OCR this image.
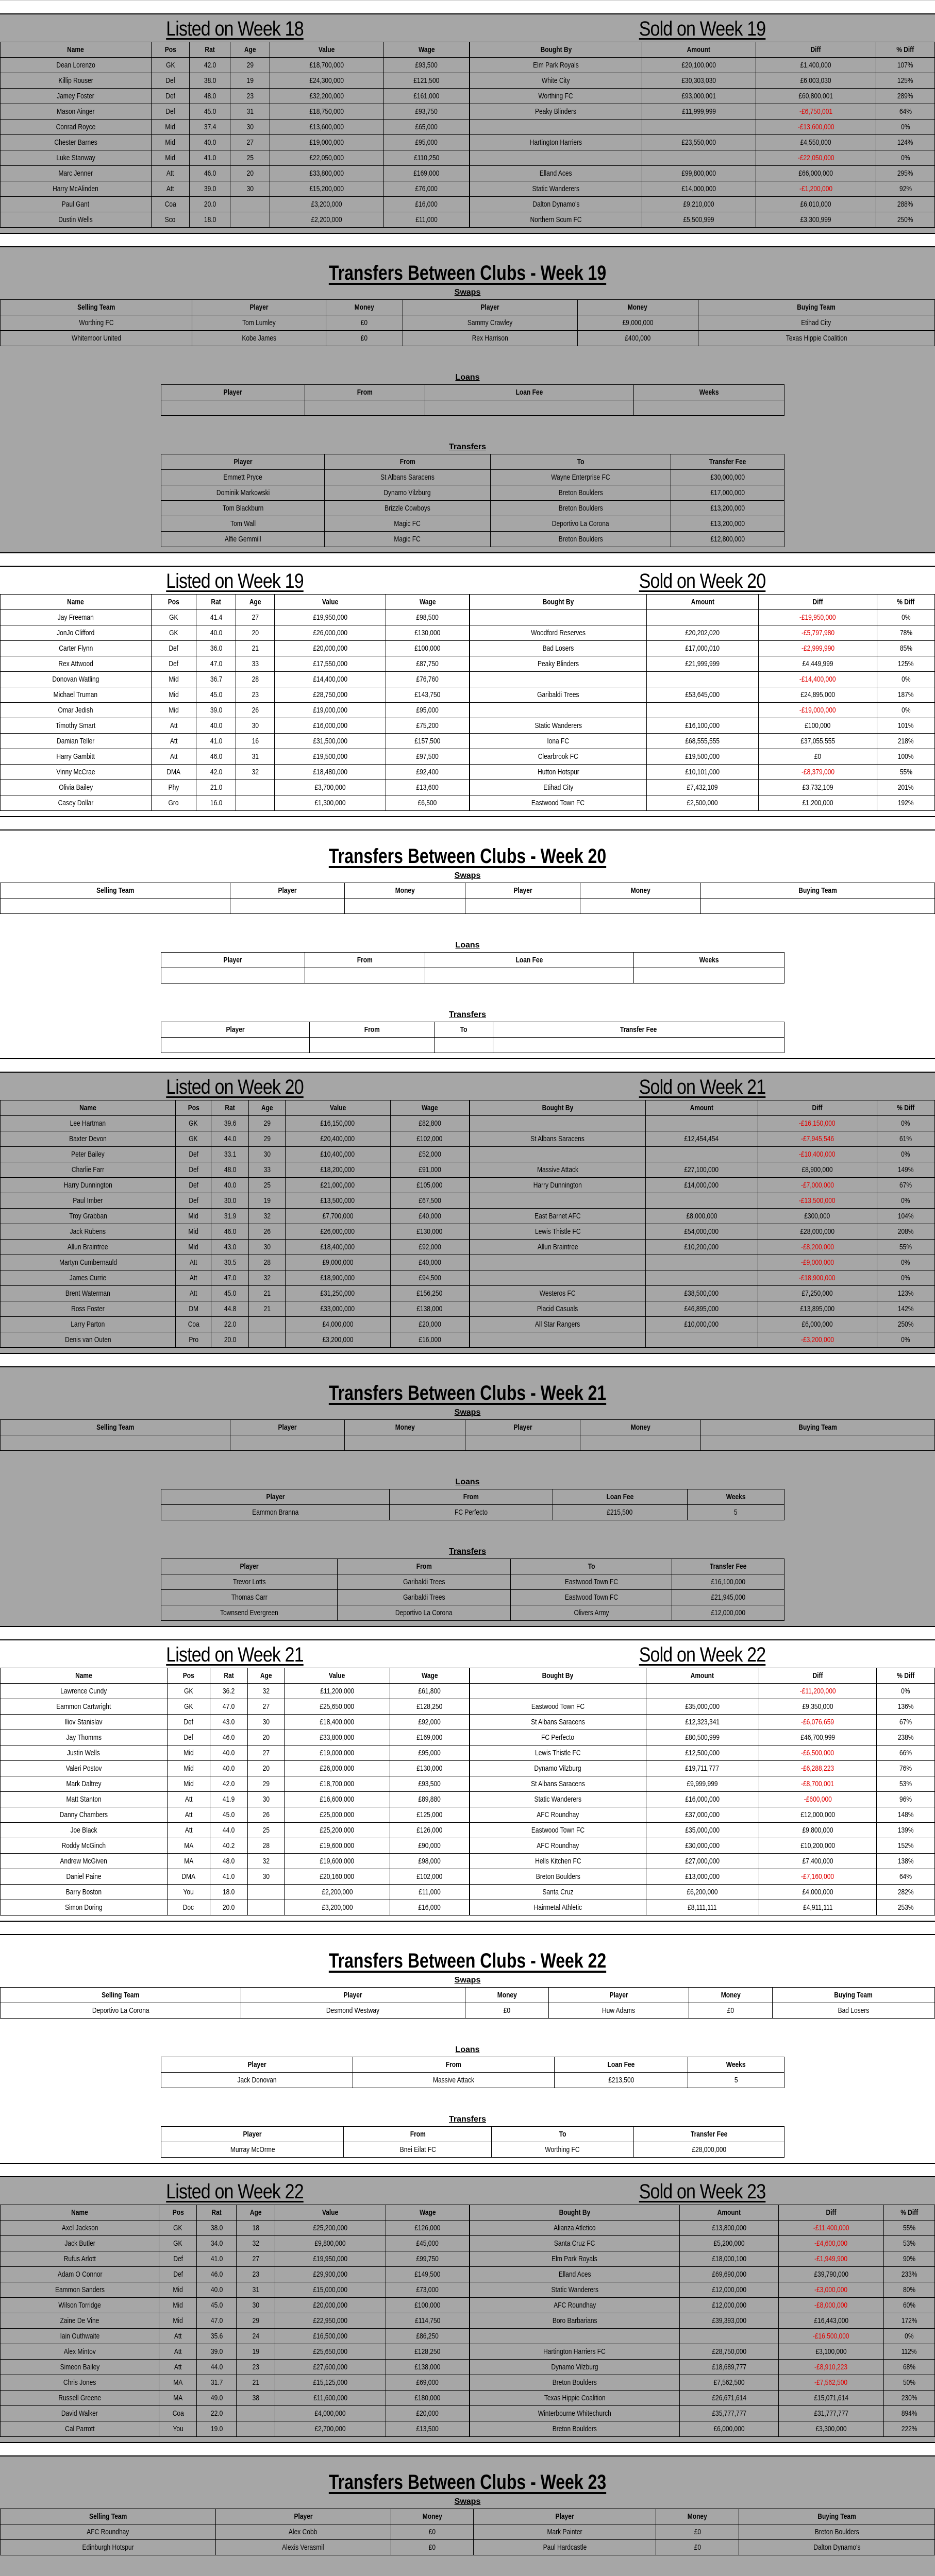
Listed on Week 18
Name	Pos	Rat	Age	Value	Wage
Dean Lorenzo	GK	42.0	29	£18,700,000	£93,500
Killip Rouser	Def	38.0	19	£24,300,000	£121,500
Jamey Foster	Def	48.0	23	£32,200,000	£161,000
Mason Ainger	Def	45.0	31	£18,750,000	£93,750
Conrad Royce	Mid	37.4	30	£13,600,000	£65,000
Chester Barnes	Mid	40.0	27	£19,000,000	£95,000
Luke Stanway	Mid	41.0	25	£22,050,000	£110,250
Marc Jenner	Att	46.0	20	£33,800,000	£169,000
Harry McAlinden	Att	39.0	30	£15,200,000	£76,000
Paul Gant	Coa	20.0		£3,200,000	£16,000
Dustin Wells	Sco	18.0		£2,200,000	£11,000
Sold on Week 19
Bought By	Amount	Diff	% Diff
Elm Park Royals	£20,100,000	£1,400,000	107%
White City	£30,303,030	£6,003,030	125%
Worthing FC	£93,000,001	£60,800,001	289%
Peaky Blinders	£11,999,999	-£6,750,001	64%
		-£13,600,000	0%
Hartington Harriers	£23,550,000	£4,550,000	124%
		-£22,050,000	0%
Elland Aces	£99,800,000	£66,000,000	295%
Static Wanderers	£14,000,000	-£1,200,000	92%
Dalton Dynamo's	£9,210,000	£6,010,000	288%
Northern Scum FC	£5,500,999	£3,300,999	250%
Transfers Between Clubs - Week 19
Swaps
Selling Team	Player	Money	Player	Money	Buying Team
Worthing FC	Tom Lumley	£0	Sammy Crawley	£9,000,000	Etihad City
Whitemoor United	Kobe James	£0	Rex Harrison	£400,000	Texas Hippie Coalition
Loans
Player	From	Loan Fee	Weeks

Transfers
Player	From	To	Transfer Fee
Emmett Pryce	St Albans Saracens	Wayne Enterprise FC	£30,000,000
Dominik Markowski	Dynamo Vilzburg	Breton Boulders	£17,000,000
Tom Blackburn	Brizzle Cowboys	Breton Boulders	£13,200,000
Tom Wall	Magic FC	Deportivo La Corona	£13,200,000
Alfie Gemmill	Magic FC	Breton Boulders	£12,800,000
Listed on Week 19
Name	Pos	Rat	Age	Value	Wage
Jay Freeman	GK	41.4	27	£19,950,000	£98,500
JonJo Clifford	GK	40.0	20	£26,000,000	£130,000
Carter Flynn	Def	36.0	21	£20,000,000	£100,000
Rex Attwood	Def	47.0	33	£17,550,000	£87,750
Donovan Watling	Mid	36.7	28	£14,400,000	£76,760
Michael Truman	Mid	45.0	23	£28,750,000	£143,750
Omar Jedish	Mid	39.0	26	£19,000,000	£95,000
Timothy Smart	Att	40.0	30	£16,000,000	£75,200
Damian Teller	Att	41.0	16	£31,500,000	£157,500
Harry Gambitt	Att	46.0	31	£19,500,000	£97,500
Vinny McCrae	DMA	42.0	32	£18,480,000	£92,400
Olivia Bailey	Phy	21.0		£3,700,000	£13,600
Casey Dollar	Gro	16.0		£1,300,000	£6,500
Sold on Week 20
Bought By	Amount	Diff	% Diff
		-£19,950,000	0%
Woodford Reserves	£20,202,020	-£5,797,980	78%
Bad Losers	£17,000,010	-£2,999,990	85%
Peaky Blinders	£21,999,999	£4,449,999	125%
		-£14,400,000	0%
Garibaldi Trees	£53,645,000	£24,895,000	187%
		-£19,000,000	0%
Static Wanderers	£16,100,000	£100,000	101%
Iona FC	£68,555,555	£37,055,555	218%
Clearbrook FC	£19,500,000	£0	100%
Hutton Hotspur	£10,101,000	-£8,379,000	55%
Etihad City	£7,432,109	£3,732,109	201%
Eastwood Town FC	£2,500,000	£1,200,000	192%
Transfers Between Clubs - Week 20
Swaps
Selling Team	Player	Money	Player	Money	Buying Team

Loans
Player	From	Loan Fee	Weeks

Transfers
Player	From	To	Transfer Fee

Listed on Week 20
Name	Pos	Rat	Age	Value	Wage
Lee Hartman	GK	39.6	29	£16,150,000	£82,800
Baxter Devon	GK	44.0	29	£20,400,000	£102,000
Peter Bailey	Def	33.1	30	£10,400,000	£52,000
Charlie Farr	Def	48.0	33	£18,200,000	£91,000
Harry Dunnington	Def	40.0	25	£21,000,000	£105,000
Paul Imber	Def	30.0	19	£13,500,000	£67,500
Troy Grabban	Mid	31.9	32	£7,700,000	£40,000
Jack Rubens	Mid	46.0	26	£26,000,000	£130,000
Allun Braintree	Mid	43.0	30	£18,400,000	£92,000
Martyn Cumbernauld	Att	30.5	28	£9,000,000	£40,000
James Currie	Att	47.0	32	£18,900,000	£94,500
Brent Waterman	Att	45.0	21	£31,250,000	£156,250
Ross Foster	DM	44.8	21	£33,000,000	£138,000
Larry Parton	Coa	22.0		£4,000,000	£20,000
Denis van Outen	Pro	20.0		£3,200,000	£16,000
Sold on Week 21
Bought By	Amount	Diff	% Diff
		-£16,150,000	0%
St Albans Saracens	£12,454,454	-£7,945,546	61%
		-£10,400,000	0%
Massive Attack	£27,100,000	£8,900,000	149%
Harry Dunnington	£14,000,000	-£7,000,000	67%
		-£13,500,000	0%
East Barnet AFC	£8,000,000	£300,000	104%
Lewis Thistle FC	£54,000,000	£28,000,000	208%
Allun Braintree	£10,200,000	-£8,200,000	55%
		-£9,000,000	0%
		-£18,900,000	0%
Westeros FC	£38,500,000	£7,250,000	123%
Placid Casuals	£46,895,000	£13,895,000	142%
All Star Rangers	£10,000,000	£6,000,000	250%
		-£3,200,000	0%
Transfers Between Clubs - Week 21
Swaps
Selling Team	Player	Money	Player	Money	Buying Team

Loans
Player	From	Loan Fee	Weeks
Eammon Branna	FC Perfecto	£215,500	5
Transfers
Player	From	To	Transfer Fee
Trevor Lotts	Garibaldi Trees	Eastwood Town FC	£16,100,000
Thomas Carr	Garibaldi Trees	Eastwood Town FC	£21,945,000
Townsend Evergreen	Deportivo La Corona	Olivers Army	£12,000,000
Listed on Week 21
Name	Pos	Rat	Age	Value	Wage
Lawrence Cundy	GK	36.2	32	£11,200,000	£61,800
Eammon Cartwright	GK	47.0	27	£25,650,000	£128,250
Iliov Stanislav	Def	43.0	30	£18,400,000	£92,000
Jay Thomms	Def	46.0	20	£33,800,000	£169,000
Justin Wells	Mid	40.0	27	£19,000,000	£95,000
Valeri Postov	Mid	40.0	20	£26,000,000	£130,000
Mark Daltrey	Mid	42.0	29	£18,700,000	£93,500
Matt Stanton	Att	41.9	30	£16,600,000	£89,880
Danny Chambers	Att	45.0	26	£25,000,000	£125,000
Joe Black	Att	44.0	25	£25,200,000	£126,000
Roddy McGinch	MA	40.2	28	£19,600,000	£90,000
Andrew McGiven	MA	48.0	32	£19,600,000	£98,000
Daniel Paine	DMA	41.0	30	£20,160,000	£102,000
Barry Boston	You	18.0		£2,200,000	£11,000
Simon Doring	Doc	20.0		£3,200,000	£16,000
Sold on Week 22
Bought By	Amount	Diff	% Diff
		-£11,200,000	0%
Eastwood Town FC	£35,000,000	£9,350,000	136%
St Albans Saracens	£12,323,341	-£6,076,659	67%
FC Perfecto	£80,500,999	£46,700,999	238%
Lewis Thistle FC	£12,500,000	-£6,500,000	66%
Dynamo Vilzburg	£19,711,777	-£6,288,223	76%
St Albans Saracens	£9,999,999	-£8,700,001	53%
Static Wanderers	£16,000,000	-£600,000	96%
AFC Roundhay	£37,000,000	£12,000,000	148%
Eastwood Town FC	£35,000,000	£9,800,000	139%
AFC Roundhay	£30,000,000	£10,200,000	152%
Hells Kitchen FC	£27,000,000	£7,400,000	138%
Breton Boulders	£13,000,000	-£7,160,000	64%
Santa Cruz	£6,200,000	£4,000,000	282%
Hairmetal Athletic	£8,111,111	£4,911,111	253%
Transfers Between Clubs - Week 22
Swaps
Selling Team	Player	Money	Player	Money	Buying Team
Deportivo La Corona	Desmond Westway	£0	Huw Adams	£0	Bad Losers
Loans
Player	From	Loan Fee	Weeks
Jack Donovan	Massive Attack	£213,500	5
Transfers
Player	From	To	Transfer Fee
Murray McOrme	Bnei Eilat FC	Worthing FC	£28,000,000
Listed on Week 22
Name	Pos	Rat	Age	Value	Wage
Axel Jackson	GK	38.0	18	£25,200,000	£126,000
Jack Butler	GK	34.0	32	£9,800,000	£45,000
Rufus Arlott	Def	41.0	27	£19,950,000	£99,750
Adam O Connor	Def	46.0	23	£29,900,000	£149,500
Eammon Sanders	Mid	40.0	31	£15,000,000	£73,000
Wilson Torridge	Mid	45.0	30	£20,000,000	£100,000
Zaine De Vine	Mid	47.0	29	£22,950,000	£114,750
Iain Outhwaite	Att	35.6	24	£16,500,000	£86,250
Alex Mintov	Att	39.0	19	£25,650,000	£128,250
Simeon Bailey	Att	44.0	23	£27,600,000	£138,000
Chris Jones	MA	31.7	21	£15,125,000	£69,000
Russell Greene	MA	49.0	38	£11,600,000	£180,000
David Walker	Coa	22.0		£4,000,000	£20,000
Cal Parrott	You	19.0		£2,700,000	£13,500
Sold on Week 23
Bought By	Amount	Diff	% Diff
Alianza Atletico	£13,800,000	-£11,400,000	55%
Santa Cruz FC	£5,200,000	-£4,600,000	53%
Elm Park Royals	£18,000,100	-£1,949,900	90%
Elland Aces	£69,690,000	£39,790,000	233%
Static Wanderers	£12,000,000	-£3,000,000	80%
AFC Roundhay	£12,000,000	-£8,000,000	60%
Boro Barbarians	£39,393,000	£16,443,000	172%
		-£16,500,000	0%
Hartington Harriers FC	£28,750,000	£3,100,000	112%
Dynamo Vilzburg	£18,689,777	-£8,910,223	68%
Breton Boulders	£7,562,500	-£7,562,500	50%
Texas Hippie Coalition	£26,671,614	£15,071,614	230%
Winterbourne Whitechurch	£35,777,777	£31,777,777	894%
Breton Boulders	£6,000,000	£3,300,000	222%
Transfers Between Clubs - Week 23
Swaps
Selling Team	Player	Money	Player	Money	Buying Team
AFC Roundhay	Alex Cobb	£0	Mark Painter	£0	Breton Boulders
Edinburgh Hotspur	Alexis Verasmil	£0	Paul Hardcastle	£0	Dalton Dynamo's
